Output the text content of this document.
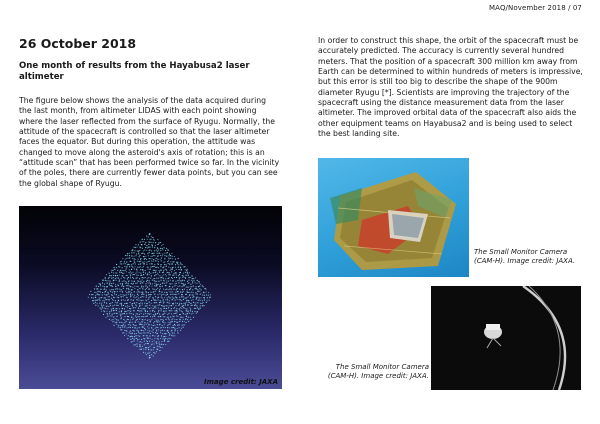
MAQ/November 2018 / 07
26 October 2018
One month of results from the Hayabusa2 laser altimeter

The figure below shows the analysis of the data acquired during the last month, from altimeter LIDAS with each point showing where the laser reflected from the surface of Ryugu. Normally, the attitude of the spacecraft is controlled so that the laser altimeter faces the equator. But during this operation, the attitude was changed to move along the asteroid's axis of rotation; this is an “attitude scan” that has been performed twice so far. In the vicinity of the poles, there are currently fewer data points, but you can see the global shape of Ryugu.

In order to construct this shape, the orbit of the spacecraft must be accurately predicted. The accuracy is currently several hundred meters. That the position of a spacecraft 300 million km away from Earth can be determined to within hundreds of meters is impressive, but this error is still too big to describe the shape of the 900m diameter Ryugu [*]. Scientists are improving the trajectory of the spacecraft using the distance measurement data from the laser altimeter. The improved orbital data of the spacecraft also aids the other equipment teams on Hayabusa2 and is being used to select the best landing site.

Image credit: JAXA

The Small Monitor Camera (CAM-H). Image credit: JAXA.

The Small Monitor Camera (CAM-H). Image credit: JAXA.
